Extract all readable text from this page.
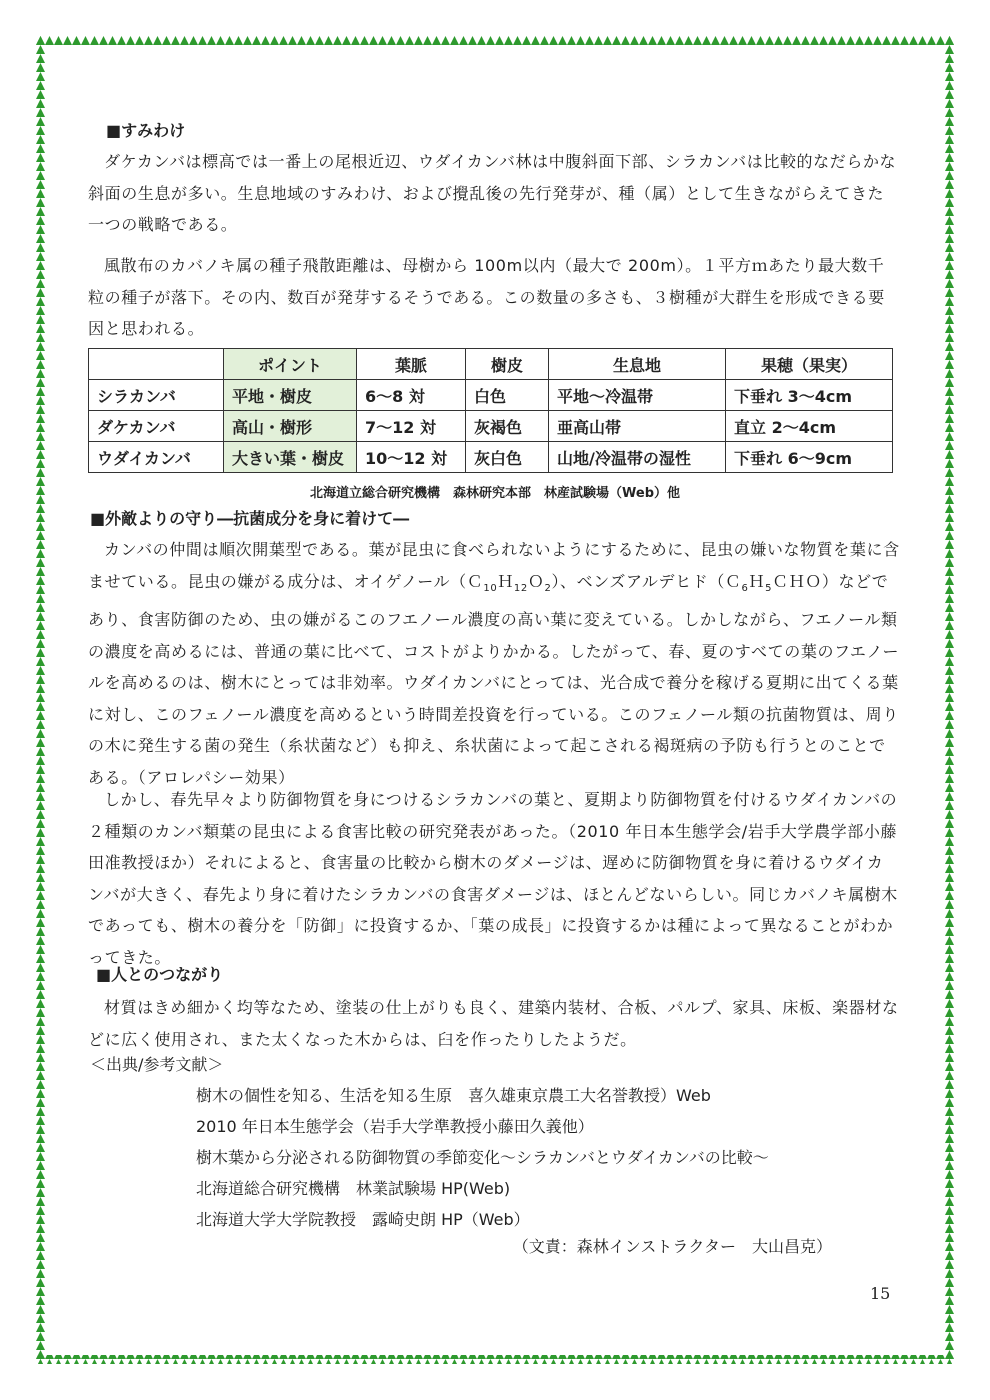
■すみわけ

ダケカンバは標高では一番上の尾根近辺、ウダイカンバ林は中腹斜面下部、シラカンバは比較的なだらかな斜面の生息が多い。生息地域のすみわけ、および攪乱後の先行発芽が、種（属）として生きながらえてきた一つの戦略である。

風散布のカバノキ属の種子飛散距離は、母樹から 100m以内（最大で 200m）。１平方ｍあたり最大数千粒の種子が落下。その内、数百が発芽するそうである。この数量の多さも、３樹種が大群生を形成できる要因と思われる。

	ポイント	葉脈	樹皮	生息地	果穂（果実）
シラカンバ	平地・樹皮	6～8 対	白色	平地～冷温帯	下垂れ 3～4cm
ダケカンバ	高山・樹形	7～12 対	灰褐色	亜高山帯	直立 2～4cm
ウダイカンバ	大きい葉・樹皮	10～12 対	灰白色	山地/冷温帯の湿性	下垂れ 6～9cm
北海道立総合研究機構　森林研究本部　林産試験場（Web）他
■外敵よりの守り―抗菌成分を身に着けて―

カンバの仲間は順次開葉型である。葉が昆虫に食べられないようにするために、昆虫の嫌いな物質を葉に含ませている。昆虫の嫌がる成分は、オイゲノール（Ｃ$_{10}$Ｈ$_{12}$Ｏ$_2$）、ベンズアルデヒド（Ｃ$_6$Ｈ$_5$ＣＨＯ）などであり、食害防御のため、虫の嫌がるこのフエノール濃度の高い葉に変えている。しかしながら、フエノール類の濃度を高めるには、普通の葉に比べて、コストがよりかかる。したがって、春、夏のすべての葉のフエノールを高めるのは、樹木にとっては非効率。ウダイカンバにとっては、光合成で養分を稼げる夏期に出てくる葉に対し、このフェノール濃度を高めるという時間差投資を行っている。このフェノール類の抗菌物質は、周りの木に発生する菌の発生（糸状菌など）も抑え、糸状菌によって起こされる褐斑病の予防も行うとのことである。（アロレパシー効果）

しかし、春先早々より防御物質を身につけるシラカンバの葉と、夏期より防御物質を付けるウダイカンバの２種類のカンバ類葉の昆虫による食害比較の研究発表があった。（2010 年日本生態学会/岩手大学農学部小藤田准教授ほか）それによると、食害量の比較から樹木のダメージは、遅めに防御物質を身に着けるウダイカンバが大きく、春先より身に着けたシラカンバの食害ダメージは、ほとんどないらしい。同じカバノキ属樹木であっても、樹木の養分を「防御」に投資するか、「葉の成長」に投資するかは種によって異なることがわかってきた。

■人とのつながり

材質はきめ細かく均等なため、塗装の仕上がりも良く、建築内装材、合板、パルプ、家具、床板、楽器材などに広く使用され、また太くなった木からは、臼を作ったりしたようだ。

＜出典/参考文献＞
樹木の個性を知る、生活を知る生原　喜久雄東京農工大名誉教授）Web
2010 年日本生態学会（岩手大学準教授小藤田久義他）
樹木葉から分泌される防御物質の季節変化～シラカンバとウダイカンバの比較～
北海道総合研究機構　林業試験場 HP(Web)
北海道大学大学院教授　露崎史朗 HP（Web）
（文責：森林インストラクター　大山昌克）
15
